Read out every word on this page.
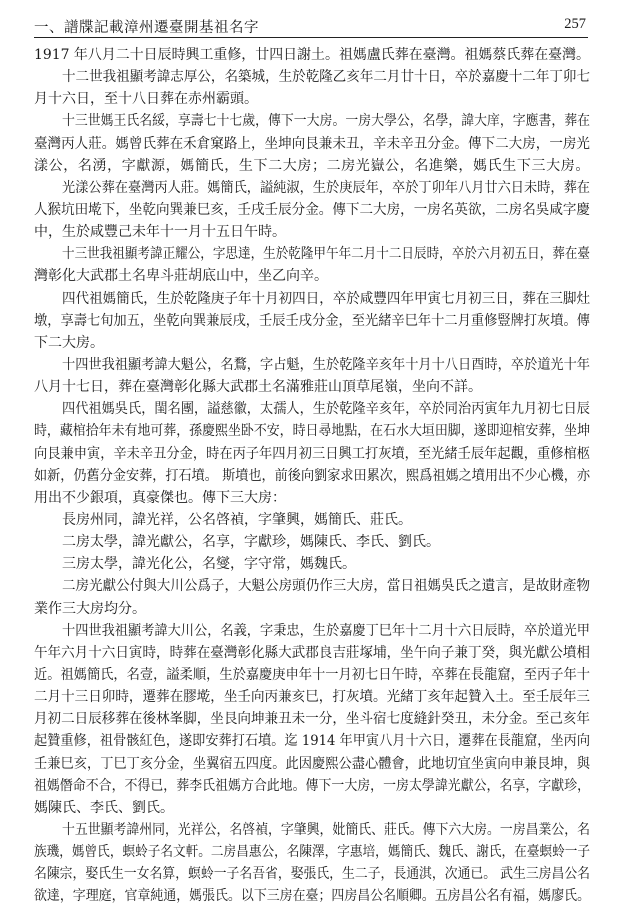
一、譜牒記載漳州遷臺開基祖名字	257
1917 年八月二十日辰時興工重修，廿四日謝土。祖媽盧氏葬在臺灣。祖媽蔡氏葬在臺灣。
十二世我祖顯考諱志厚公，名築城，生於乾隆乙亥年二月廿十日，卒於嘉慶十二年丁卯七
月十六日，至十八日葬在赤州霸頭。
十三世媽王氏名綏，享壽七十七歲，傳下一大房。一房大學公，名學，諱大庠，字應書，葬在
臺灣丙人莊。媽曾氏葬在禾倉窠路上，坐坤向艮兼未丑，辛未辛丑分金。傳下二大房，一房光
漾公，名湧，字獻源，媽簡氏，生下二大房；二房光嶽公，名進樂，媽氏生下三大房。
光漾公葬在臺灣丙人莊。媽簡氏，謚純淑，生於庚辰年，卒於丁卯年八月廿六日未時，葬在
人猴坑田墘下，坐乾向巽兼巳亥，壬戌壬辰分金。傳下二大房，一房名英欲，二房名吳咸字慶
中，生於咸豐己未年十一月十五日午時。
十三世我祖顯考諱正耀公，字思達，生於乾隆甲午年二月十二日辰時，卒於六月初五日，葬在臺
灣彰化大武郡土名卑斗莊胡底山中，坐乙向辛。
四代祖媽簡氏，生於乾隆庚子年十月初四日，卒於咸豐四年甲寅七月初三日，葬在三脚灶
墩，享壽七旬加五，坐乾向巽兼辰戌，壬辰壬戌分金，至光緒辛巳年十二月重修豎牌打灰墳。傳
下二大房。
十四世我祖顯考諱大魁公，名鶩，字占魁，生於乾隆辛亥年十月十八日酉時，卒於道光十年
八月十七日，葬在臺灣彰化縣大武郡土名滿雅莊山頂草尾嶺，坐向不詳。
四代祖媽吳氏，閨名團，謚慈徽，太孺人，生於乾隆辛亥年，卒於同治丙寅年九月初七日辰
時，藏棺拾年未有地可葬，孫慶熙坐卧不安，時日尋地點，在石水大垣田脚，遂即迎棺安葬，坐坤
向艮兼申寅，辛未辛丑分金，時在丙子年四月初三日興工打灰墳，至光緒壬辰年起觀，重修棺柩
如新，仍舊分金安葬，打石墳。 斯墳也，前後向劉家求田累次，熙爲祖媽之墳用出不少心機，亦
用出不少銀項，真豪傑也。傳下三大房：
長房州同，諱光祥，公名啓禎，字肇興，媽簡氏、莊氏。
二房太學，諱光獻公，名享，字獻珍，媽陳氏、李氏、劉氏。
三房太學，諱光化公，名燮，字守常，媽魏氏。
二房光獻公付與大川公爲子，大魁公房頭仍作三大房，當日祖媽吳氏之遺言，是故財產物
業作三大房均分。
十四世我祖顯考諱大川公，名義，字秉忠，生於嘉慶丁巳年十二月十六日辰時，卒於道光甲
午年六月十六日寅時，時葬在臺灣彰化縣大武郡良吉莊塚埔，坐午向子兼丁癸，與光獻公墳相
近。祖媽簡氏，名壹，謚柔順，生於嘉慶庚申年十一月初七日午時，卒葬在長龍窟，至丙子年十
二月十三日卯時，遷葬在膠墘，坐壬向丙兼亥巳，打灰墳。光緒丁亥年起贊入土。至壬辰年三
月初二日辰移葬在後林峯脚，坐艮向坤兼丑未一分，坐斗宿七度縫針癸丑，未分金。至己亥年
起贊重修，祖骨骸紅色，遂即安葬打石墳。迄 1914 年甲寅八月十六日，遷葬在長龍窟，坐丙向
壬兼巳亥，丁巳丁亥分金，坐翼宿五四度。此因慶熙公盡心體會，此地切宜坐寅向申兼艮坤，與
祖媽僭命不合，不得已，葬李氏祖媽方合此地。傳下一大房，一房太學諱光獻公，名享，字獻珍，
媽陳氏、李氏、劉氏。
十五世顯考諱州同，光祥公，名啓禎，字肇興，妣簡氏、莊氏。傳下六大房。一房昌業公，名
族璣，媽曾氏，螟蛉子名文軒。二房昌惠公，名陳澤，字惠培，媽簡氏、魏氏、謝氏，在臺螟蛉一子
名陳宗，娶氏生一女名算，螟蛉一子名吾省，娶張氏，生二子，長通淇，次通已。 武生三房昌公名
欲達，字理庭，官章純通，媽張氏。以下三房在臺；四房昌公名順卿。五房昌公名有福，媽廖氏。
